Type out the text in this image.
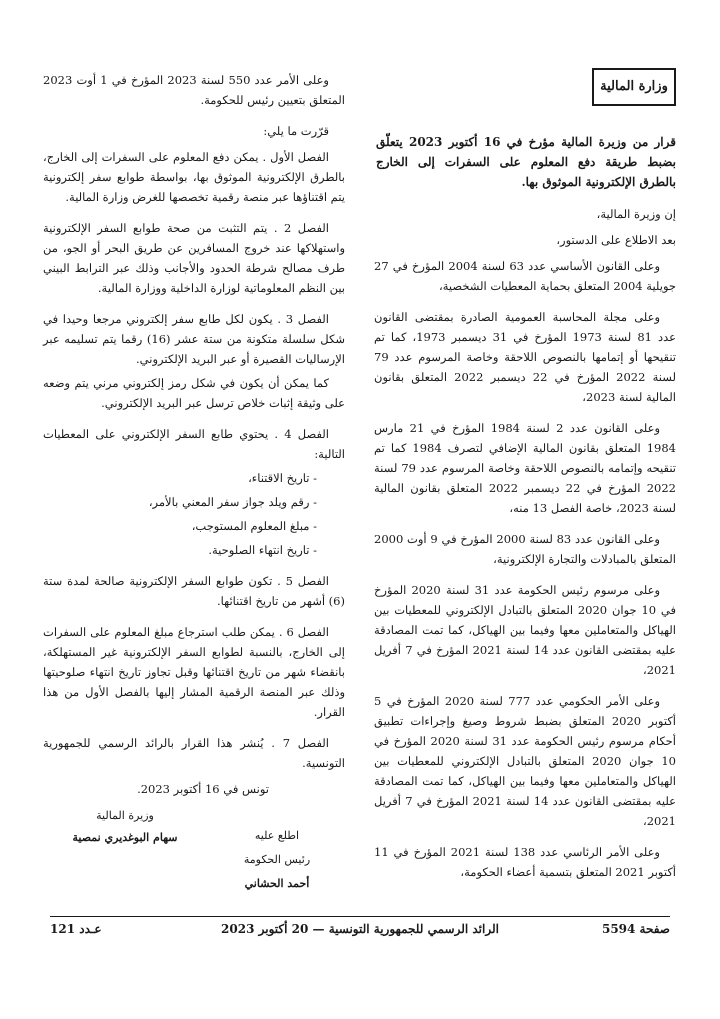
وزارة المالية
قرار من وزيرة المالية مؤرخ في 16 أكتوبر 2023 يتعلّق بضبط طريقة دفع المعلوم على السفرات إلى الخارج بالطرق الإلكترونية الموثوق بها.

إن وزيرة المالية،

بعد الاطلاع على الدستور،

وعلى القانون الأساسي عدد 63 لسنة 2004 المؤرخ في 27 جويلية 2004 المتعلق بحماية المعطيات الشخصية،

وعلى مجلة المحاسبة العمومية الصادرة بمقتضى القانون عدد 81 لسنة 1973 المؤرخ في 31 ديسمبر 1973، كما تم تنقيحها أو إتمامها بالنصوص اللاحقة وخاصة المرسوم عدد 79 لسنة 2022 المؤرخ في 22 ديسمبر 2022 المتعلق بقانون المالية لسنة 2023،

وعلى القانون عدد 2 لسنة 1984 المؤرخ في 21 مارس 1984 المتعلق بقانون المالية الإضافي لتصرف 1984 كما تم تنقيحه وإتمامه بالنصوص اللاحقة وخاصة المرسوم عدد 79 لسنة 2022 المؤرخ في 22 ديسمبر 2022 المتعلق بقانون المالية لسنة 2023، خاصة الفصل 13 منه،

وعلى القانون عدد 83 لسنة 2000 المؤرخ في 9 أوت 2000 المتعلق بالمبادلات والتجارة الإلكترونية،

وعلى مرسوم رئيس الحكومة عدد 31 لسنة 2020 المؤرخ في 10 جوان 2020 المتعلق بالتبادل الإلكتروني للمعطيات بين الهياكل والمتعاملين معها وفيما بين الهياكل، كما تمت المصادقة عليه بمقتضى القانون عدد 14 لسنة 2021 المؤرخ في 7 أفريل 2021،

وعلى الأمر الحكومي عدد 777 لسنة 2020 المؤرخ في 5 أكتوبر 2020 المتعلق بضبط شروط وصيغ وإجراءات تطبيق أحكام مرسوم رئيس الحكومة عدد 31 لسنة 2020 المؤرخ في 10 جوان 2020 المتعلق بالتبادل الإلكتروني للمعطيات بين الهياكل والمتعاملين معها وفيما بين الهياكل، كما تمت المصادقة عليه بمقتضى القانون عدد 14 لسنة 2021 المؤرخ في 7 أفريل 2021،

وعلى الأمر الرئاسي عدد 138 لسنة 2021 المؤرخ في 11 أكتوبر 2021 المتعلق بتسمية أعضاء الحكومة،

وعلى الأمر عدد 550 لسنة 2023 المؤرخ في 1 أوت 2023 المتعلق بتعيين رئيس للحكومة.

قرّرت ما يلي:

الفصل الأول . يمكن دفع المعلوم على السفرات إلى الخارج، بالطرق الإلكترونية الموثوق بها، بواسطة طوابع سفر إلكترونية يتم اقتناؤها عبر منصة رقمية تخصصها للغرض وزارة المالية.

الفصل 2 . يتم التثبت من صحة طوابع السفر الإلكترونية واستهلاكها عند خروج المسافرين عن طريق البحر أو الجو، من طرف مصالح شرطة الحدود والأجانب وذلك عبر الترابط البيني بين النظم المعلوماتية لوزارة الداخلية ووزارة المالية.

الفصل 3 . يكون لكل طابع سفر إلكتروني مرجعا وحيدا في شكل سلسلة متكونة من ستة عشر (16) رقما يتم تسليمه عبر الإرساليات القصيرة أو عبر البريد الإلكتروني.

كما يمكن أن يكون في شكل رمز إلكتروني مرني يتم وضعه على وثيقة إثبات خلاص ترسل عبر البريد الإلكتروني.

الفصل 4 . يحتوي طابع السفر الإلكتروني على المعطيات التالية:

- تاريخ الاقتناء،

- رقم ويلد جواز سفر المعني بالأمر،

- مبلغ المعلوم المستوجب،

- تاريخ انتهاء الصلوحية.

الفصل 5 . تكون طوابع السفر الإلكترونية صالحة لمدة ستة (6) أشهر من تاريخ اقتنائها.

الفصل 6 . يمكن طلب استرجاع مبلغ المعلوم على السفرات إلى الخارج، بالنسبة لطوابع السفر الإلكترونية غير المستهلكة، بانقضاء شهر من تاريخ اقتنائها وقبل تجاوز تاريخ انتهاء صلوحيتها وذلك عبر المنصة الرقمية المشار إليها بالفصل الأول من هذا القرار.

الفصل 7 . يُنشر هذا القرار بالرائد الرسمي للجمهورية التونسية.

تونس في 16 أكتوبر 2023.

وزيرة المالية
سهام البوغديري نمصية	اطلع عليه
رئيس الحكومة
أحمد الحشاني
صفحة 5594
الرائد الرسمي للجمهورية التونسية — 20 أكتوبر 2023
عـدد 121
